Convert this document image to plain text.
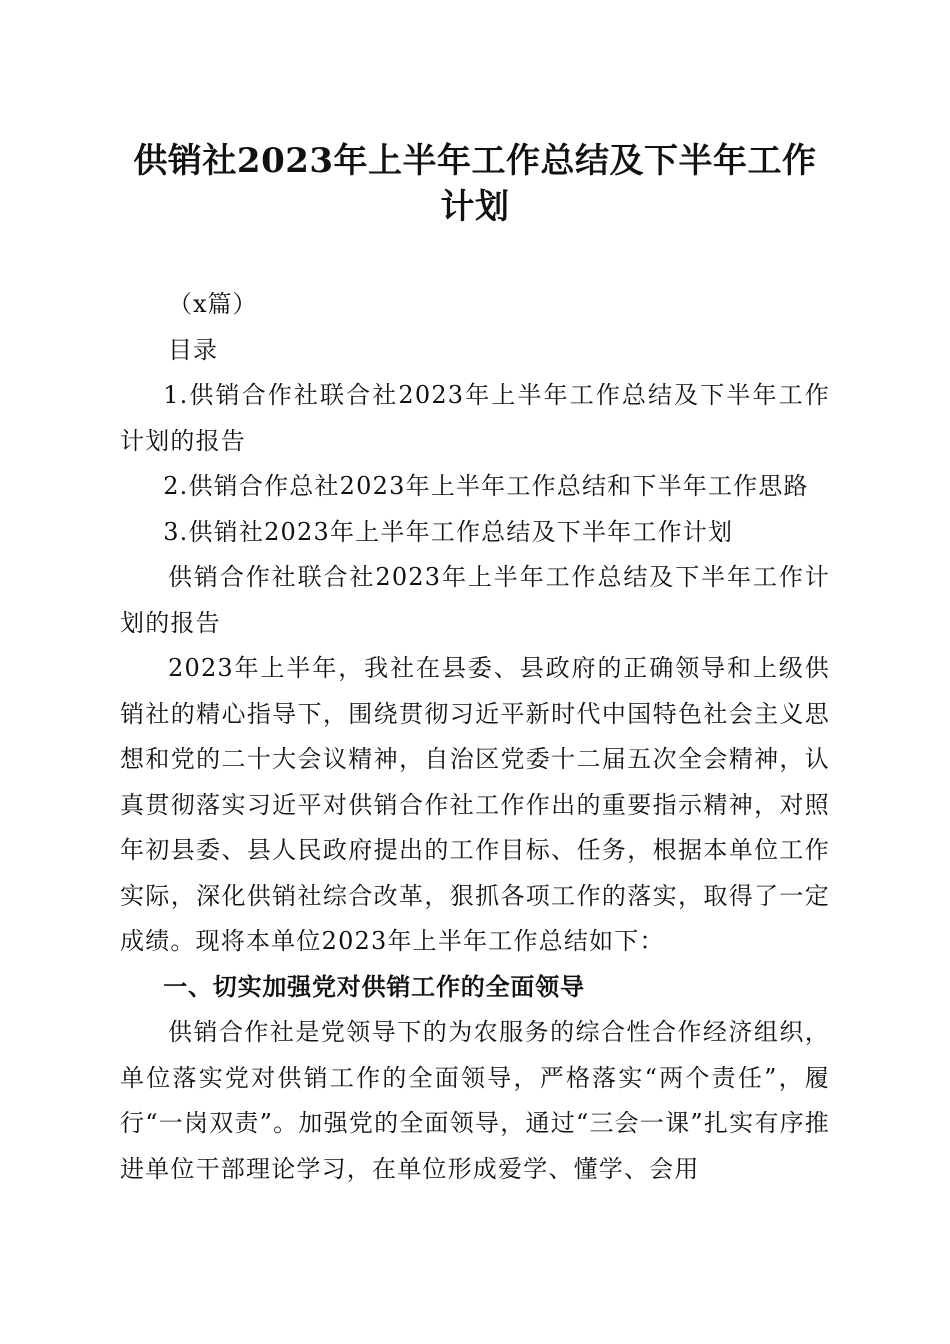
供销社2023年上半年工作总结及下半年工作计划

（x篇）

目录

1.供销合作社联合社2023年上半年工作总结及下半年工作计划的报告

2.供销合作总社2023年上半年工作总结和下半年工作思路

3.供销社2023年上半年工作总结及下半年工作计划

供销合作社联合社2023年上半年工作总结及下半年工作计划的报告

2023年上半年，我社在县委、县政府的正确领导和上级供销社的精心指导下，围绕贯彻习近平新时代中国特色社会主义思想和党的二十大会议精神，自治区党委十二届五次全会精神，认真贯彻落实习近平对供销合作社工作作出的重要指示精神，对照年初县委、县人民政府提出的工作目标、任务，根据本单位工作实际，深化供销社综合改革，狠抓各项工作的落实，取得了一定成绩。现将本单位2023年上半年工作总结如下：

一、切实加强党对供销工作的全面领导

供销合作社是党领导下的为农服务的综合性合作经济组织，单位落实党对供销工作的全面领导，严格落实“两个责任”，履行“一岗双责”。加强党的全面领导，通过“三会一课”扎实有序推进单位干部理论学习，在单位形成爱学、懂学、会用
